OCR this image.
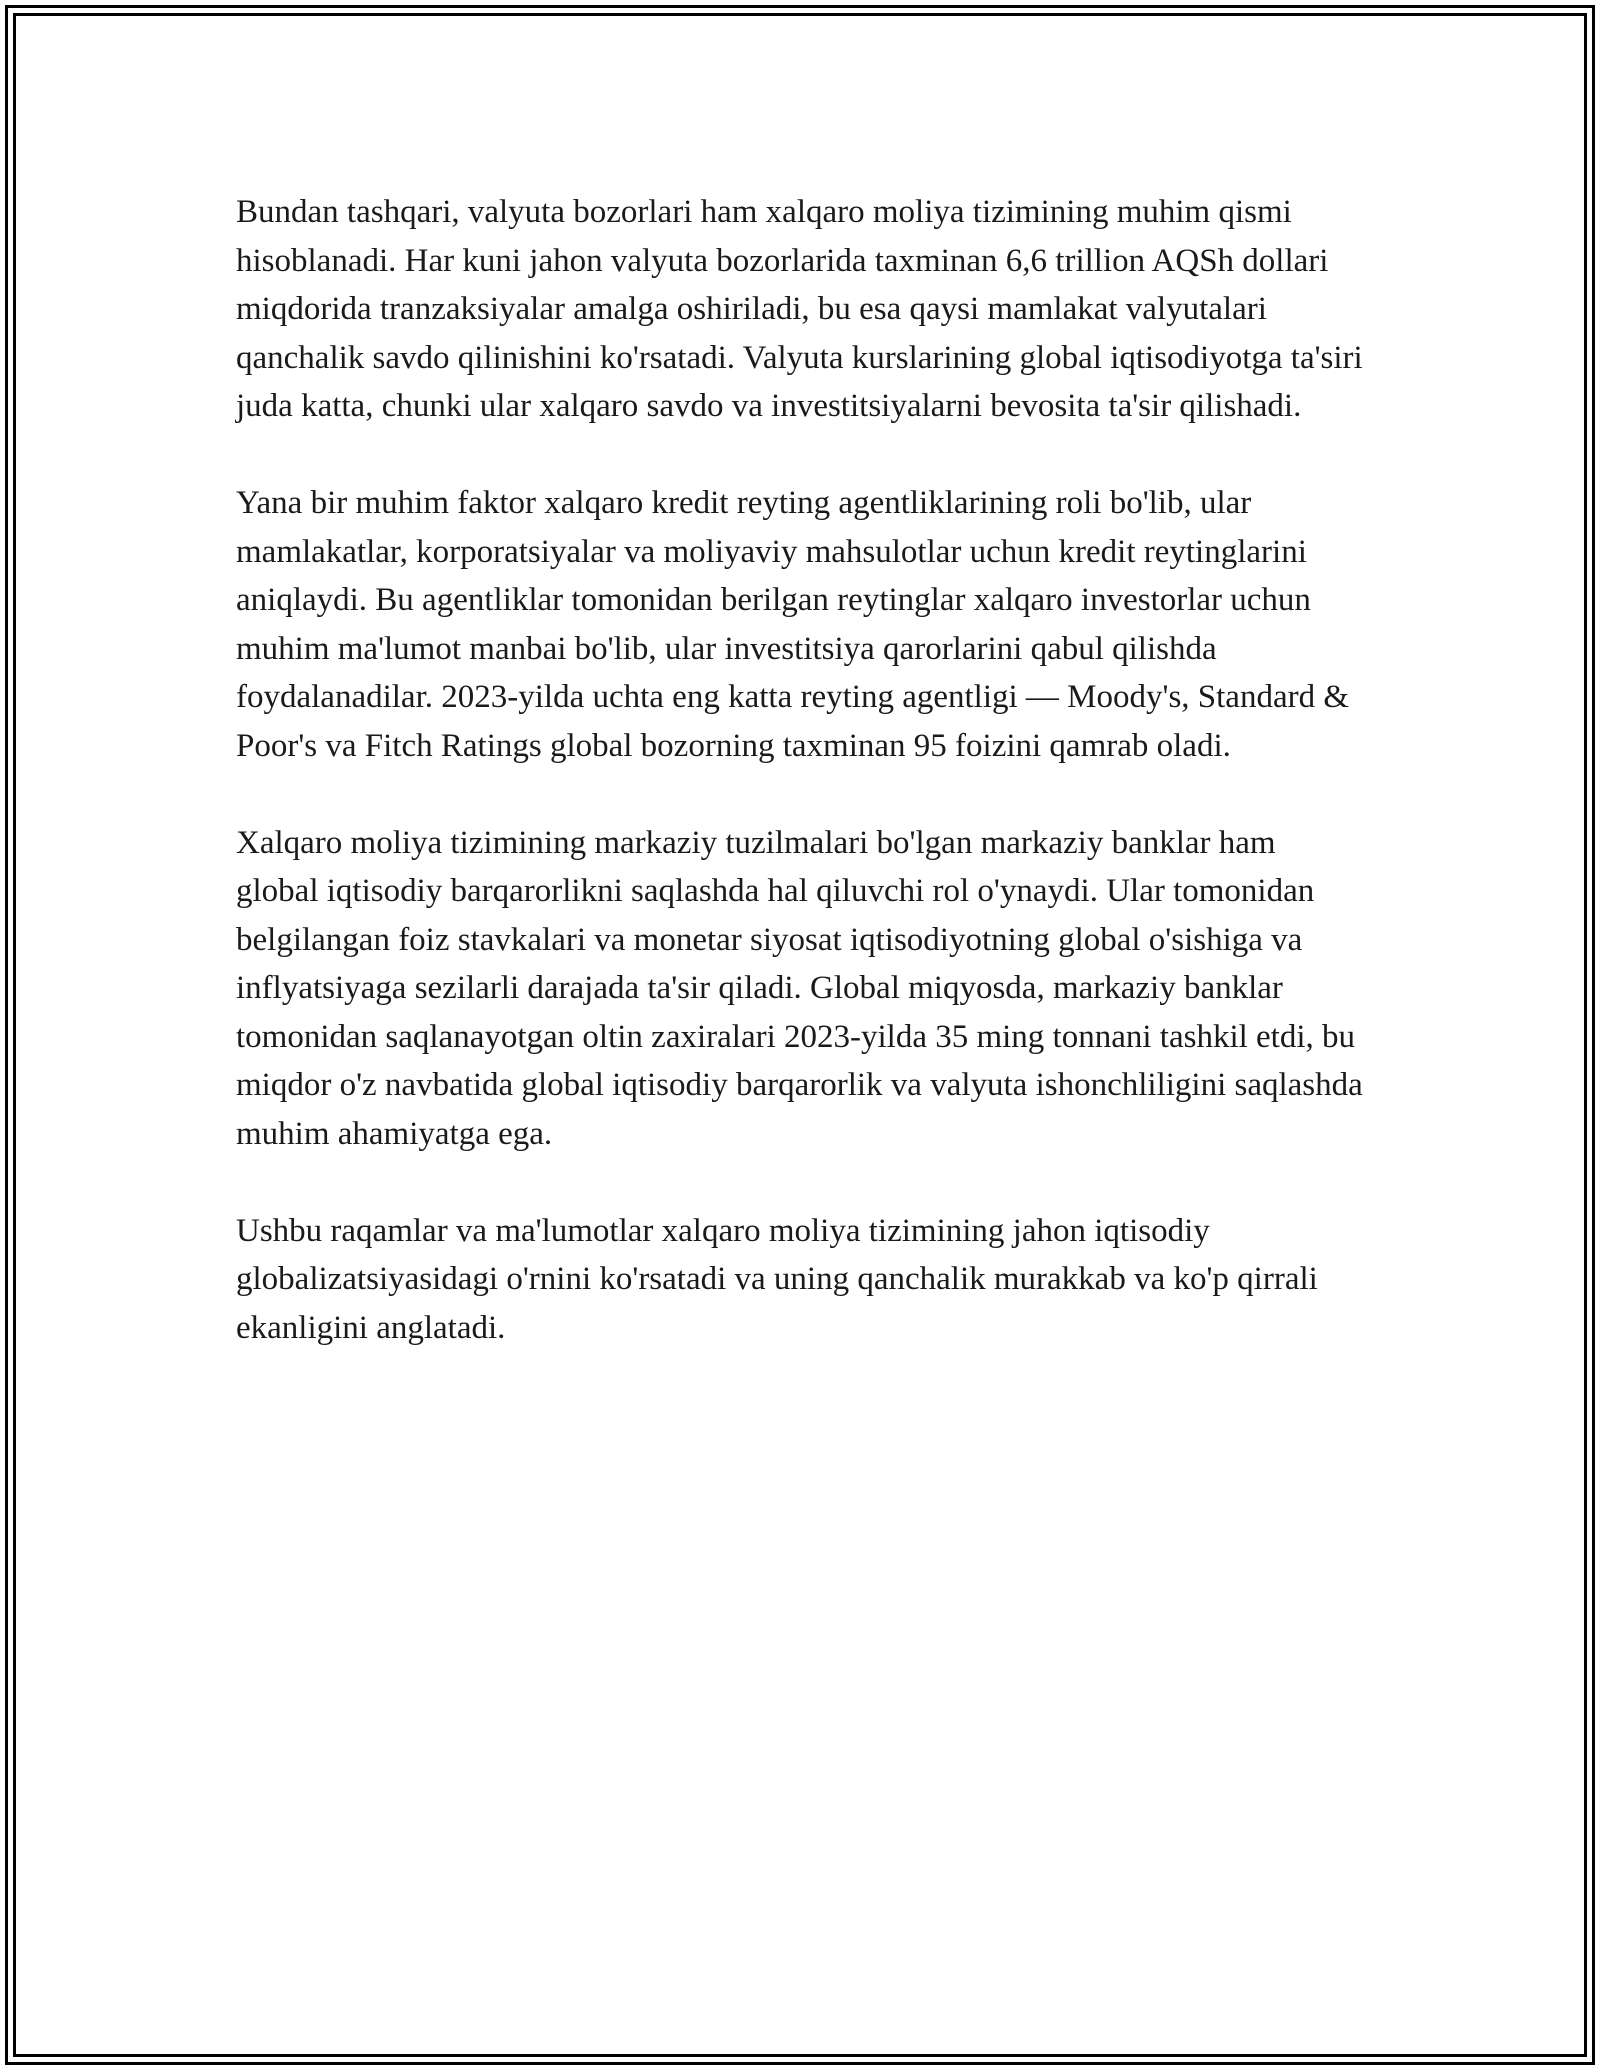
Bundan tashqari, valyuta bozorlari ham xalqaro moliya tizimining muhim qismi hisoblanadi. Har kuni jahon valyuta bozorlarida taxminan 6,6 trillion AQSh dollari miqdorida tranzaksiyalar amalga oshiriladi, bu esa qaysi mamlakat valyutalari qanchalik savdo qilinishini ko'rsatadi. Valyuta kurslarining global iqtisodiyotga ta'siri juda katta, chunki ular xalqaro savdo va investitsiyalarni bevosita ta'sir qilishadi.

Yana bir muhim faktor xalqaro kredit reyting agentliklarining roli bo'lib, ular mamlakatlar, korporatsiyalar va moliyaviy mahsulotlar uchun kredit reytinglarini aniqlaydi. Bu agentliklar tomonidan berilgan reytinglar xalqaro investorlar uchun muhim ma'lumot manbai bo'lib, ular investitsiya qarorlarini qabul qilishda foydalanadilar. 2023-yilda uchta eng katta reyting agentligi — Moody's, Standard & Poor's va Fitch Ratings global bozorning taxminan 95 foizini qamrab oladi.

Xalqaro moliya tizimining markaziy tuzilmalari bo'lgan markaziy banklar ham global iqtisodiy barqarorlikni saqlashda hal qiluvchi rol o'ynaydi. Ular tomonidan belgilangan foiz stavkalari va monetar siyosat iqtisodiyotning global o'sishiga va inflyatsiyaga sezilarli darajada ta'sir qiladi. Global miqyosda, markaziy banklar tomonidan saqlanayotgan oltin zaxiralari 2023-yilda 35 ming tonnani tashkil etdi, bu miqdor o'z navbatida global iqtisodiy barqarorlik va valyuta ishonchliligini saqlashda muhim ahamiyatga ega.

Ushbu raqamlar va ma'lumotlar xalqaro moliya tizimining jahon iqtisodiy globalizatsiyasidagi o'rnini ko'rsatadi va uning qanchalik murakkab va ko'p qirrali ekanligini anglatadi.
